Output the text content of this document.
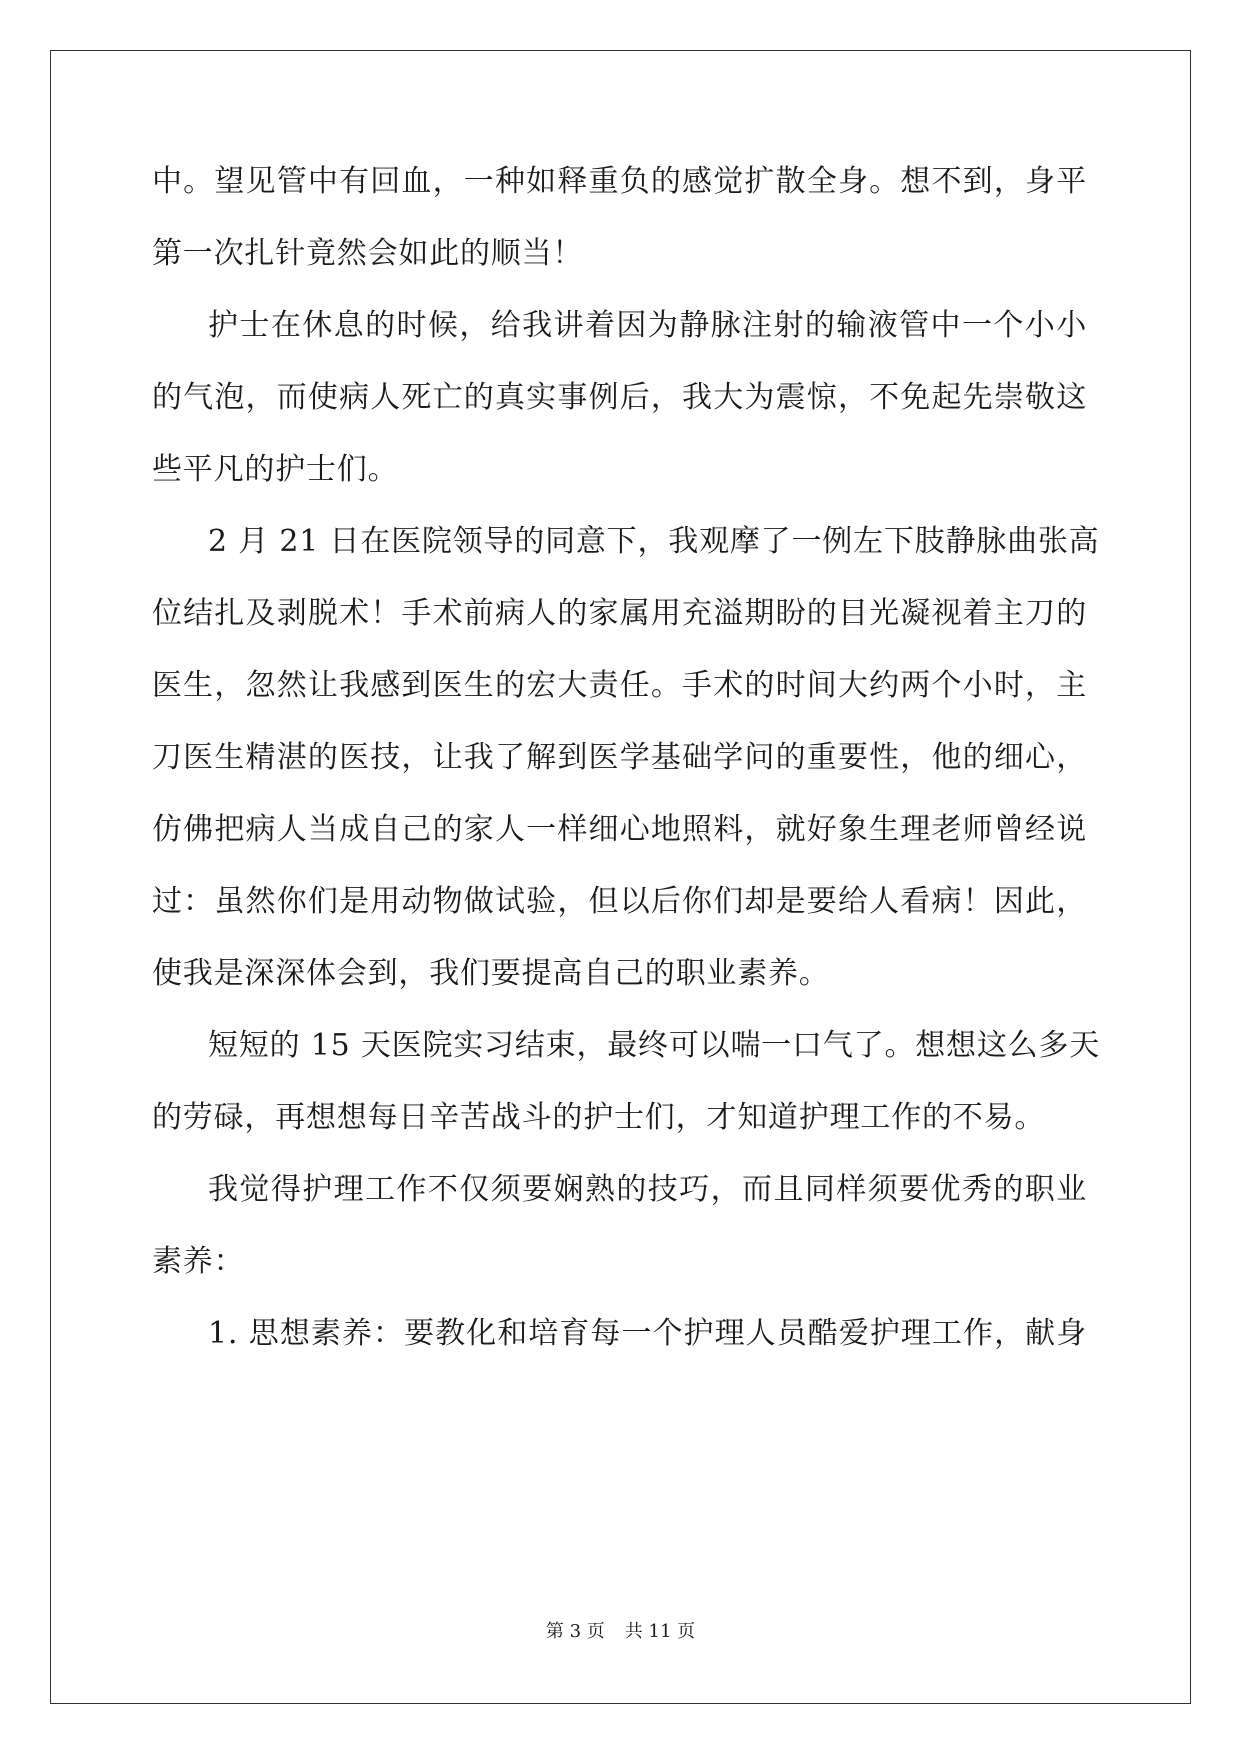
中。望见管中有回血，一种如释重负的感觉扩散全身。想不到，身平
第一次扎针竟然会如此的顺当！
护士在休息的时候，给我讲着因为静脉注射的输液管中一个小小
的气泡，而使病人死亡的真实事例后，我大为震惊，不免起先崇敬这
些平凡的护士们。
2 月 21 日在医院领导的同意下，我观摩了一例左下肢静脉曲张高
位结扎及剥脱术！手术前病人的家属用充溢期盼的目光凝视着主刀的
医生，忽然让我感到医生的宏大责任。手术的时间大约两个小时，主
刀医生精湛的医技，让我了解到医学基础学问的重要性，他的细心，
仿佛把病人当成自己的家人一样细心地照料，就好象生理老师曾经说
过：虽然你们是用动物做试验，但以后你们却是要给人看病！因此，
使我是深深体会到，我们要提高自己的职业素养。
短短的 15 天医院实习结束，最终可以喘一口气了。想想这么多天
的劳碌，再想想每日辛苦战斗的护士们，才知道护理工作的不易。
我觉得护理工作不仅须要娴熟的技巧，而且同样须要优秀的职业
素养：
1. 思想素养：要教化和培育每一个护理人员酷爱护理工作，献身
第 3 页 共 11 页
